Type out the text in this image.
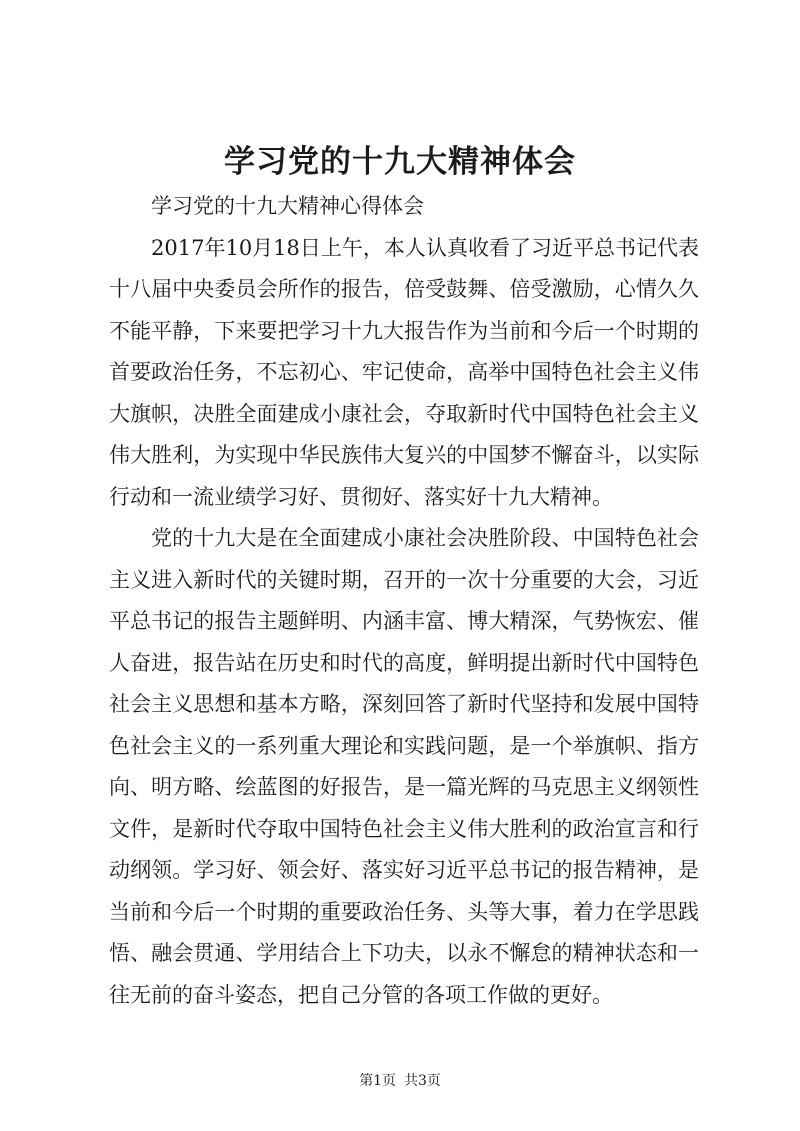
学习党的十九大精神体会

学习党的十九大精神心得体会

2017年10月18日上午，本人认真收看了习近平总书记代表十八届中央委员会所作的报告，倍受鼓舞、倍受激励，心情久久不能平静，下来要把学习十九大报告作为当前和今后一个时期的首要政治任务，不忘初心、牢记使命，高举中国特色社会主义伟大旗帜，决胜全面建成小康社会，夺取新时代中国特色社会主义伟大胜利，为实现中华民族伟大复兴的中国梦不懈奋斗，以实际行动和一流业绩学习好、贯彻好、落实好十九大精神。

党的十九大是在全面建成小康社会决胜阶段、中国特色社会主义进入新时代的关键时期，召开的一次十分重要的大会，习近平总书记的报告主题鲜明、内涵丰富、博大精深，气势恢宏、催人奋进，报告站在历史和时代的高度，鲜明提出新时代中国特色社会主义思想和基本方略，深刻回答了新时代坚持和发展中国特色社会主义的一系列重大理论和实践问题，是一个举旗帜、指方向、明方略、绘蓝图的好报告，是一篇光辉的马克思主义纲领性文件，是新时代夺取中国特色社会主义伟大胜利的政治宣言和行动纲领。学习好、领会好、落实好习近平总书记的报告精神，是当前和今后一个时期的重要政治任务、头等大事，着力在学思践悟、融会贯通、学用结合上下功夫，以永不懈怠的精神状态和一往无前的奋斗姿态，把自己分管的各项工作做的更好。

第1页 共3页
